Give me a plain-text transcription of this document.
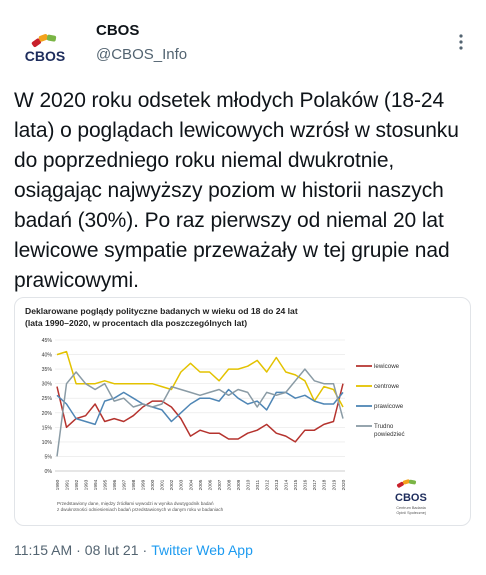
CBOS
CBOS
@CBOS_Info
W 2020 roku odsetek młodych Polaków (18-24 lata) o poglądach lewicowych wzrósł w stosunku do poprzedniego roku niemal dwukrotnie, osiągając najwyższy poziom w historii naszych badań (30%). Po raz pierwszy od niemal 20 lat lewicowe sympatie przeważały w tej grupie nad prawicowymi.
Deklarowane poglądy polityczne badanych w wieku od 18 do 24 lat
(lata 1990–2020, w procentach dla poszczególnych lat)
0%
5%
10%
15%
20%
25%
30%
35%
40%
45%
1990 1991 1992 1993 1994 1995 1996 1997 1998 1999 2000 2001 2002 2003 2004 2005 2006 2007 2008 2009 2010 2011 2012 2013 2014 2015 2016 2017 2018 2019 2020
lewicowe
centrowe
prawicowe
Trudno
powiedzieć
Przedstawiony dane, między źródłami wywodzi w wynika dwutygodnik badań
z dwukrotności odniesieniach badań przedstawionych w danym roku w badaniach
CBOS
Centrum Badania
Opinii Społecznej
11:15 AM · 08 lut 21 · Twitter Web App
